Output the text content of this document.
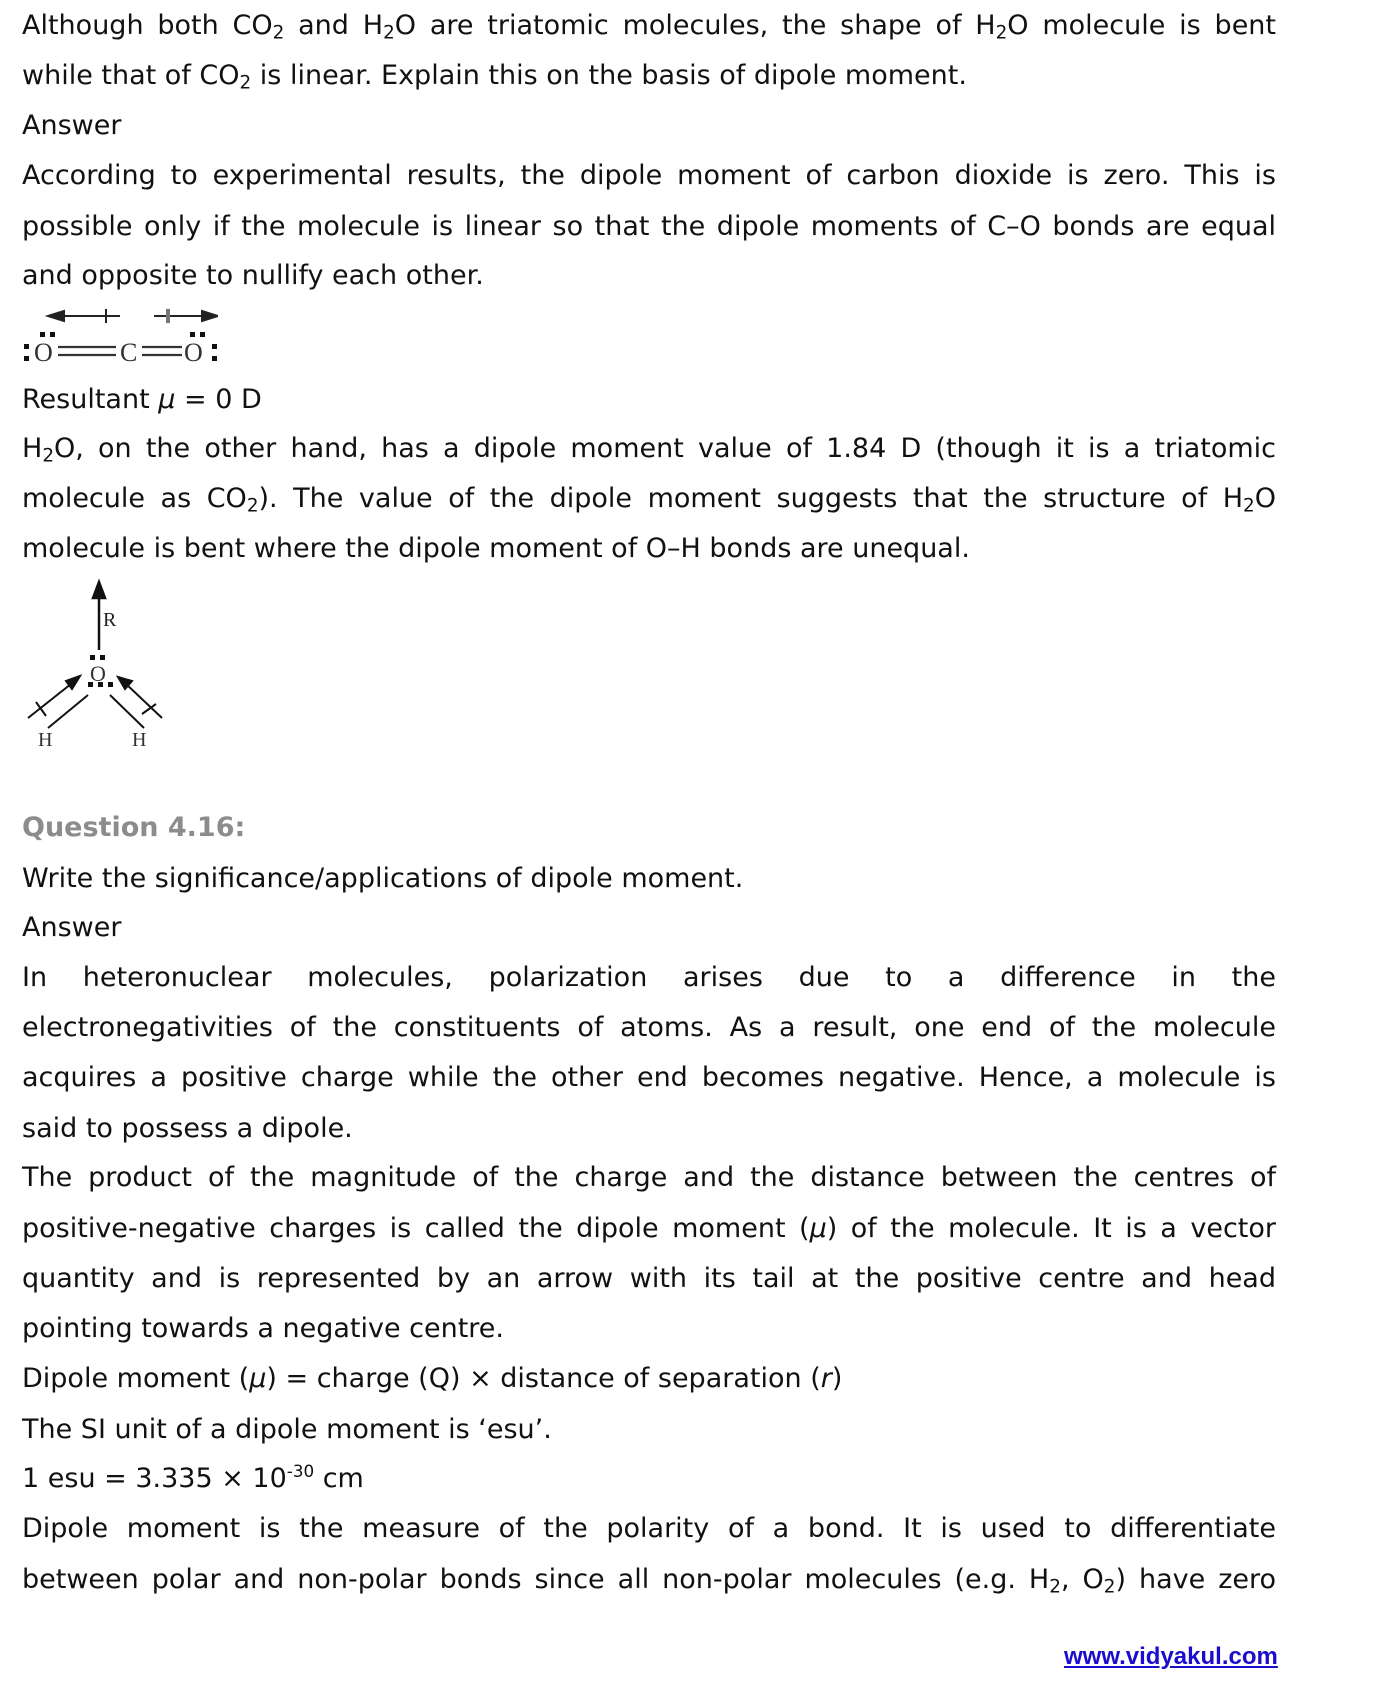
Although both $CO_2$ and $H_2O$ are triatomic molecules, the shape of $H_2O$ molecule is bent
while that of $CO_2$ is linear. Explain this on the basis of dipole moment.
Answer
According to experimental results, the dipole moment of carbon dioxide is zero. This is
possible only if the molecule is linear so that the dipole moments of C–O bonds are equal
and opposite to nullify each other.
O	C O
Resultant μ = 0 D
$H_2O$, on the other hand, has a dipole moment value of 1.84 D (though it is a triatomic
molecule as $CO_2$). The value of the dipole moment suggests that the structure of $H_2O$
molecule is bent where the dipole moment of O–H bonds are unequal.
R
O
H	H
Question 4.16:
Write the significance/applications of dipole moment.
Answer
In heteronuclear molecules, polarization arises due to a difference in the
electronegativities of the constituents of atoms. As a result, one end of the molecule
acquires a positive charge while the other end becomes negative. Hence, a molecule is
said to possess a dipole.
The product of the magnitude of the charge and the distance between the centres of
positive-negative charges is called the dipole moment (μ) of the molecule. It is a vector
quantity and is represented by an arrow with its tail at the positive centre and head
pointing towards a negative centre.
Dipole moment (μ) = charge (Q) × distance of separation (r)
The SI unit of a dipole moment is ‘esu’.
1 esu = $3.335 \times 10^{-30}$ cm
Dipole moment is the measure of the polarity of a bond. It is used to differentiate
between polar and non-polar bonds since all non-polar molecules (e.g. $H_2$, $O_2$) have zero
www.vidyakul.com
